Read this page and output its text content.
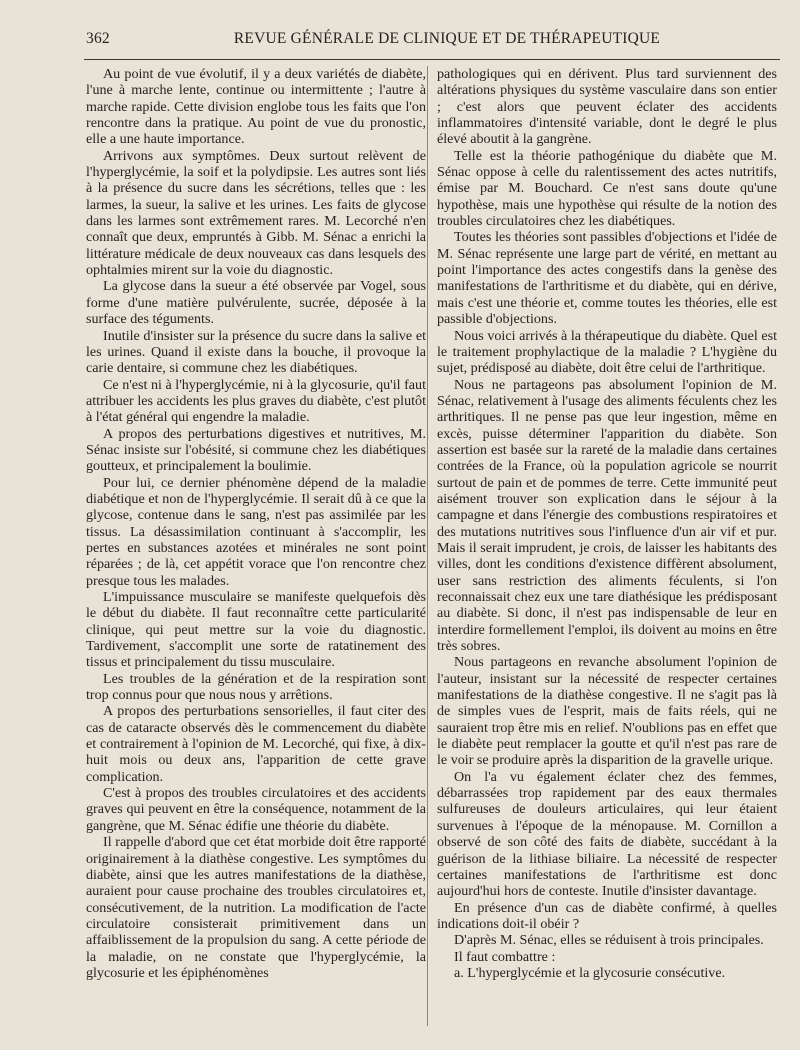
362	REVUE GÉNÉRALE DE CLINIQUE ET DE THÉRAPEUTIQUE

Au point de vue évolutif, il y a deux variétés de diabète, l'une à marche lente, continue ou intermittente ; l'autre à marche rapide. Cette division englobe tous les faits que l'on rencontre dans la pratique. Au point de vue du pronostic, elle a une haute importance.

Arrivons aux symptômes. Deux surtout relèvent de l'hyperglycémie, la soif et la polydipsie. Les autres sont liés à la présence du sucre dans les sécrétions, telles que : les larmes, la sueur, la salive et les urines. Les faits de glycose dans les larmes sont extrêmement rares. M. Lecorché n'en connaît que deux, empruntés à Gibb. M. Sénac a enrichi la littérature médicale de deux nouveaux cas dans lesquels des ophtalmies mirent sur la voie du diagnostic.

La glycose dans la sueur a été observée par Vogel, sous forme d'une matière pulvérulente, sucrée, déposée à la surface des téguments.

Inutile d'insister sur la présence du sucre dans la salive et les urines. Quand il existe dans la bouche, il provoque la carie dentaire, si commune chez les diabétiques.

Ce n'est ni à l'hyperglycémie, ni à la glycosurie, qu'il faut attribuer les accidents les plus graves du diabète, c'est plutôt à l'état général qui engendre la maladie.

A propos des perturbations digestives et nutritives, M. Sénac insiste sur l'obésité, si commune chez les diabétiques goutteux, et principalement la boulimie.

Pour lui, ce dernier phénomène dépend de la maladie diabétique et non de l'hyperglycémie. Il serait dû à ce que la glycose, contenue dans le sang, n'est pas assimilée par les tissus. La désassimilation continuant à s'accomplir, les pertes en substances azotées et minérales ne sont point réparées ; de là, cet appétit vorace que l'on rencontre chez presque tous les malades.

L'impuissance musculaire se manifeste quelquefois dès le début du diabète. Il faut reconnaître cette particularité clinique, qui peut mettre sur la voie du diagnostic. Tardivement, s'accomplit une sorte de ratatinement des tissus et principalement du tissu musculaire.

Les troubles de la génération et de la respiration sont trop connus pour que nous nous y arrêtions.

A propos des perturbations sensorielles, il faut citer des cas de cataracte observés dès le commencement du diabète et contrairement à l'opinion de M. Lecorché, qui fixe, à dix-huit mois ou deux ans, l'apparition de cette grave complication.

C'est à propos des troubles circulatoires et des accidents graves qui peuvent en être la conséquence, notamment de la gangrène, que M. Sénac édifie une théorie du diabète.

Il rappelle d'abord que cet état morbide doit être rapporté originairement à la diathèse congestive. Les symptômes du diabète, ainsi que les autres manifestations de la diathèse, auraient pour cause prochaine des troubles circulatoires et, consécutivement, de la nutrition. La modification de l'acte circulatoire consisterait primitivement dans un affaiblissement de la propulsion du sang. A cette période de la maladie, on ne constate que l'hyperglycémie, la glycosurie et les épiphénomènes

pathologiques qui en dérivent. Plus tard surviennent des altérations physiques du système vasculaire dans son entier ; c'est alors que peuvent éclater des accidents inflammatoires d'intensité variable, dont le degré le plus élevé aboutit à la gangrène.

Telle est la théorie pathogénique du diabète que M. Sénac oppose à celle du ralentissement des actes nutritifs, émise par M. Bouchard. Ce n'est sans doute qu'une hypothèse, mais une hypothèse qui résulte de la notion des troubles circulatoires chez les diabétiques.

Toutes les théories sont passibles d'objections et l'idée de M. Sénac représente une large part de vérité, en mettant au point l'importance des actes congestifs dans la genèse des manifestations de l'arthritisme et du diabète, qui en dérive, mais c'est une théorie et, comme toutes les théories, elle est passible d'objections.

Nous voici arrivés à la thérapeutique du diabète. Quel est le traitement prophylactique de la maladie ? L'hygiène du sujet, prédisposé au diabète, doit être celui de l'arthritique.

Nous ne partageons pas absolument l'opinion de M. Sénac, relativement à l'usage des aliments féculents chez les arthritiques. Il ne pense pas que leur ingestion, même en excès, puisse déterminer l'apparition du diabète. Son assertion est basée sur la rareté de la maladie dans certaines contrées de la France, où la population agricole se nourrit surtout de pain et de pommes de terre. Cette immunité peut aisément trouver son explication dans le séjour à la campagne et dans l'énergie des combustions respiratoires et des mutations nutritives sous l'influence d'un air vif et pur. Mais il serait imprudent, je crois, de laisser les habitants des villes, dont les conditions d'existence diffèrent absolument, user sans restriction des aliments féculents, si l'on reconnaissait chez eux une tare diathésique les prédisposant au diabète. Si donc, il n'est pas indispensable de leur en interdire formellement l'emploi, ils doivent au moins en être très sobres.

Nous partageons en revanche absolument l'opinion de l'auteur, insistant sur la nécessité de respecter certaines manifestations de la diathèse congestive. Il ne s'agit pas là de simples vues de l'esprit, mais de faits réels, qui ne sauraient trop être mis en relief. N'oublions pas en effet que le diabète peut remplacer la goutte et qu'il n'est pas rare de le voir se produire après la disparition de la gravelle urique.

On l'a vu également éclater chez des femmes, débarrassées trop rapidement par des eaux thermales sulfureuses de douleurs articulaires, qui leur étaient survenues à l'époque de la ménopause. M. Cornillon a observé de son côté des faits de diabète, succédant à la guérison de la lithiase biliaire. La nécessité de respecter certaines manifestations de l'arthritisme est donc aujourd'hui hors de conteste. Inutile d'insister davantage.

En présence d'un cas de diabète confirmé, à quelles indications doit-il obéir ?

D'après M. Sénac, elles se réduisent à trois principales.

Il faut combattre :

a. L'hyperglycémie et la glycosurie consécutive.
